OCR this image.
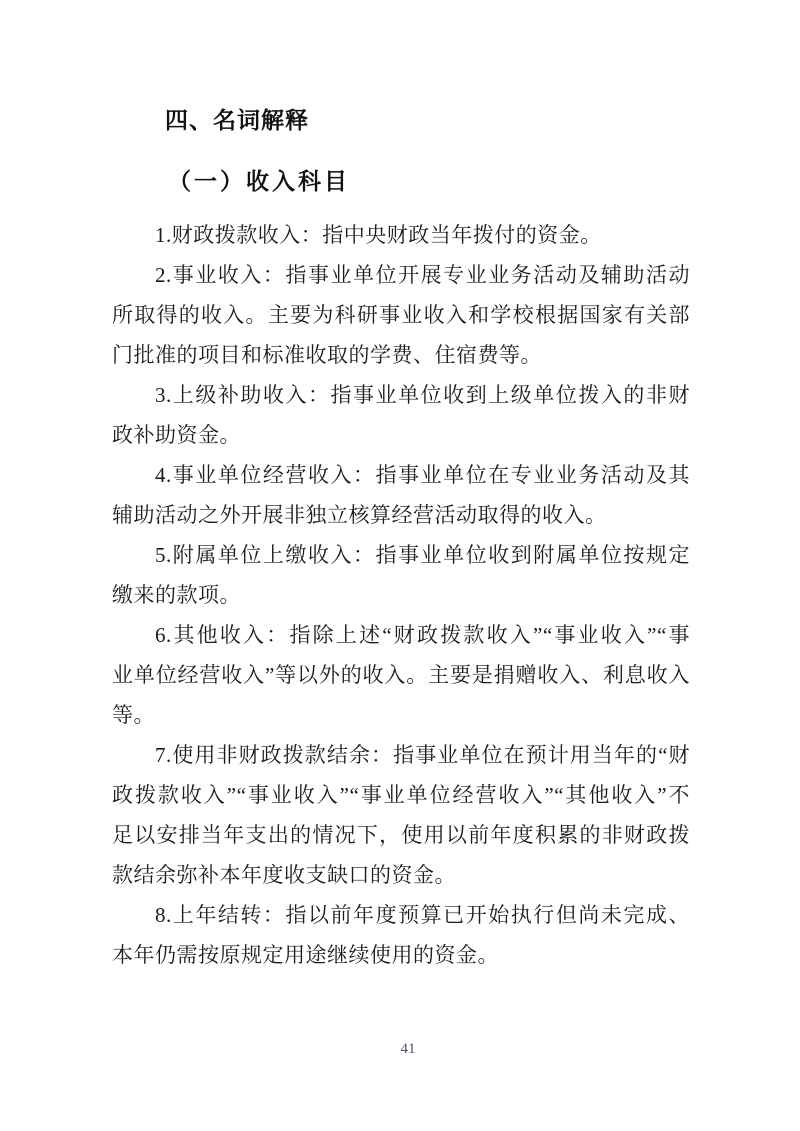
四、名词解释
（一）收入科目

1.财政拨款收入：指中央财政当年拨付的资金。

2.事业收入：指事业单位开展专业业务活动及辅助活动
所取得的收入。主要为科研事业收入和学校根据国家有关部
门批准的项目和标准收取的学费、住宿费等。

3.上级补助收入：指事业单位收到上级单位拨入的非财
政补助资金。

4.事业单位经营收入：指事业单位在专业业务活动及其
辅助活动之外开展非独立核算经营活动取得的收入。

5.附属单位上缴收入：指事业单位收到附属单位按规定
缴来的款项。

6.其他收入：指除上述“财政拨款收入”“事业收入”“事
业单位经营收入”等以外的收入。主要是捐赠收入、利息收入
等。

7.使用非财政拨款结余：指事业单位在预计用当年的“财
政拨款收入”“事业收入”“事业单位经营收入”“其他收入”不
足以安排当年支出的情况下，使用以前年度积累的非财政拨
款结余弥补本年度收支缺口的资金。

8.上年结转：指以前年度预算已开始执行但尚未完成、
本年仍需按原规定用途继续使用的资金。

41
